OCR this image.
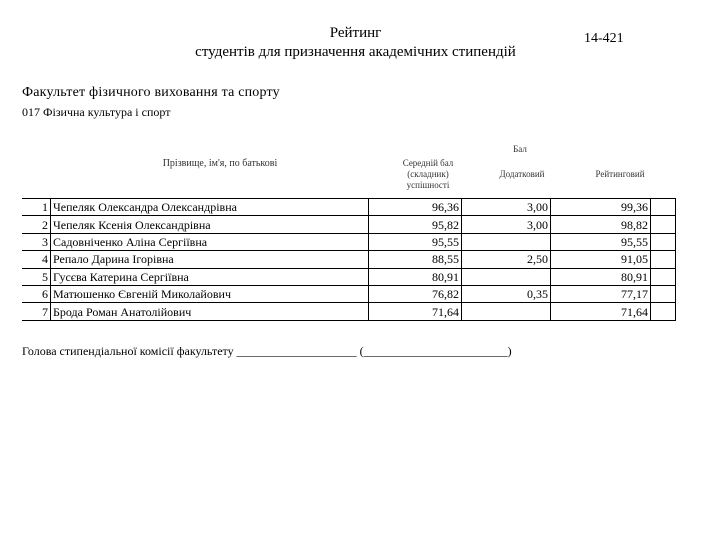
Рейтинг
студентів для призначення академічних стипендій
14-421
Факультет фізичного виховання та спорту
017 Фізична культура і спорт
Прізвище, ім'я, по батькові
Бал
Середній бал
(складник)
успішності
Додатковий	Рейтинговий
1	Чепеляк Олександра Олександрівна	96,36	3,00	99,36	
2	Чепеляк Ксенія Олександрівна	95,82	3,00	98,82	
3	Садовніченко Аліна Сергіївна	95,55		95,55	
4	Репало Дарина Ігорівна	88,55	2,50	91,05	
5	Гусєва Катерина Сергіївна	80,91		80,91	
6	Матюшенко Євгеній Миколайович	76,82	0,35	77,17	
7	Брода Роман Анатолійович	71,64		71,64	
Голова стипендіальної комісії факультету ____________________ (________________________)
